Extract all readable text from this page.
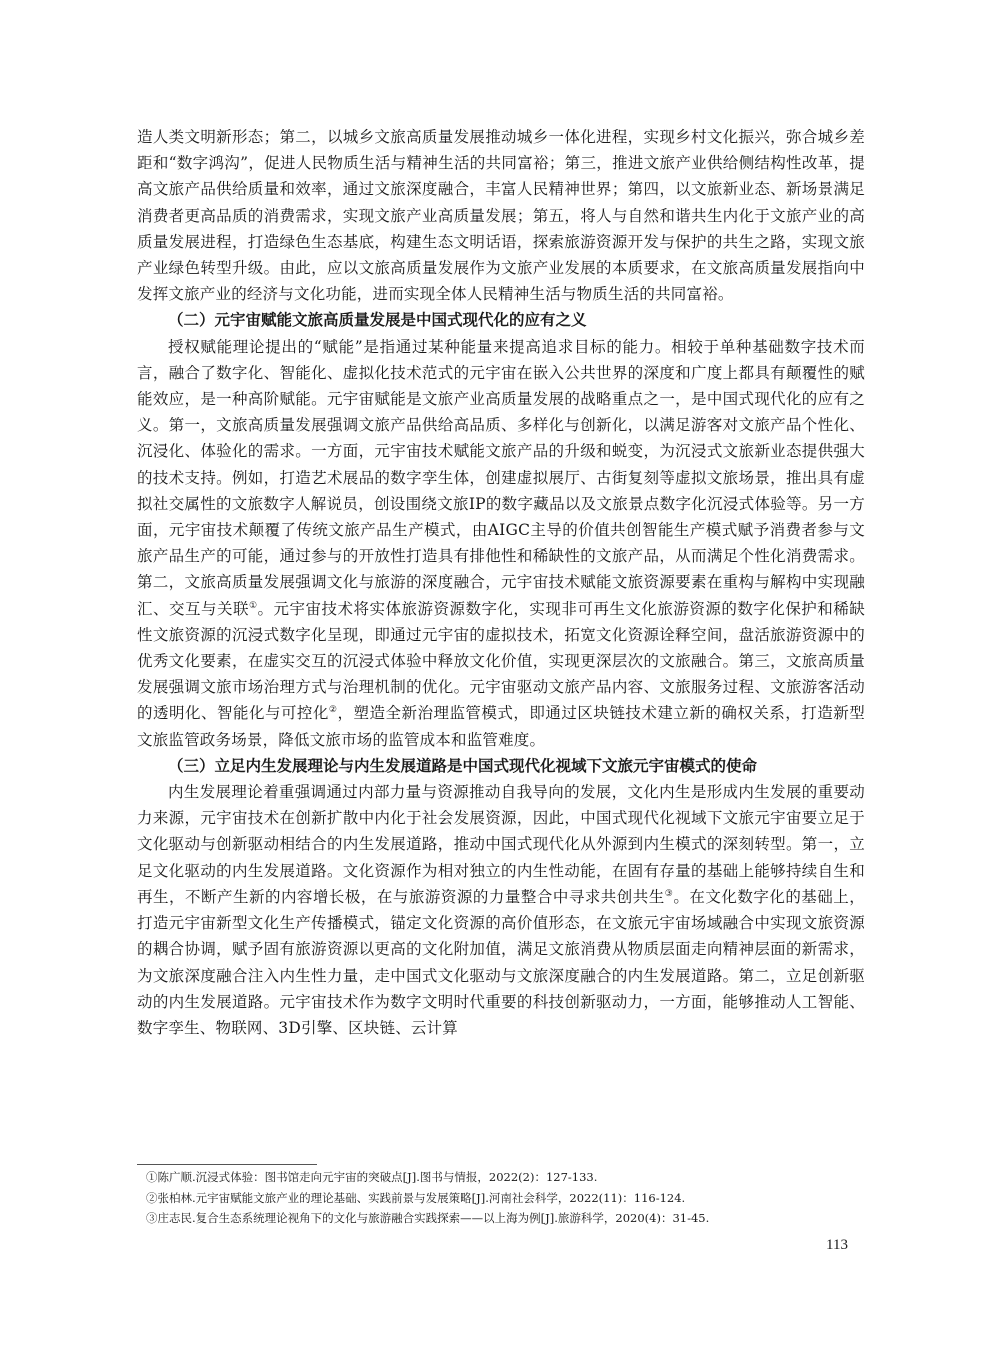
造人类文明新形态；第二，以城乡文旅高质量发展推动城乡一体化进程，实现乡村文化振兴，弥合城乡差距和“数字鸿沟”，促进人民物质生活与精神生活的共同富裕；第三，推进文旅产业供给侧结构性改革，提高文旅产品供给质量和效率，通过文旅深度融合，丰富人民精神世界；第四，以文旅新业态、新场景满足消费者更高品质的消费需求，实现文旅产业高质量发展；第五，将人与自然和谐共生内化于文旅产业的高质量发展进程，打造绿色生态基底，构建生态文明话语，探索旅游资源开发与保护的共生之路，实现文旅产业绿色转型升级。由此，应以文旅高质量发展作为文旅产业发展的本质要求，在文旅高质量发展指向中发挥文旅产业的经济与文化功能，进而实现全体人民精神生活与物质生活的共同富裕。

（二）元宇宙赋能文旅高质量发展是中国式现代化的应有之义

授权赋能理论提出的“赋能”是指通过某种能量来提高追求目标的能力。相较于单种基础数字技术而言，融合了数字化、智能化、虚拟化技术范式的元宇宙在嵌入公共世界的深度和广度上都具有颠覆性的赋能效应，是一种高阶赋能。元宇宙赋能是文旅产业高质量发展的战略重点之一，是中国式现代化的应有之义。第一，文旅高质量发展强调文旅产品供给高品质、多样化与创新化，以满足游客对文旅产品个性化、沉浸化、体验化的需求。一方面，元宇宙技术赋能文旅产品的升级和蜕变，为沉浸式文旅新业态提供强大的技术支持。例如，打造艺术展品的数字孪生体，创建虚拟展厅、古街复刻等虚拟文旅场景，推出具有虚拟社交属性的文旅数字人解说员，创设围绕文旅IP的数字藏品以及文旅景点数字化沉浸式体验等。另一方面，元宇宙技术颠覆了传统文旅产品生产模式，由AIGC主导的价值共创智能生产模式赋予消费者参与文旅产品生产的可能，通过参与的开放性打造具有排他性和稀缺性的文旅产品，从而满足个性化消费需求。第二，文旅高质量发展强调文化与旅游的深度融合，元宇宙技术赋能文旅资源要素在重构与解构中实现融汇、交互与关联①。元宇宙技术将实体旅游资源数字化，实现非可再生文化旅游资源的数字化保护和稀缺性文旅资源的沉浸式数字化呈现，即通过元宇宙的虚拟技术，拓宽文化资源诠释空间，盘活旅游资源中的优秀文化要素，在虚实交互的沉浸式体验中释放文化价值，实现更深层次的文旅融合。第三，文旅高质量发展强调文旅市场治理方式与治理机制的优化。元宇宙驱动文旅产品内容、文旅服务过程、文旅游客活动的透明化、智能化与可控化②，塑造全新治理监管模式，即通过区块链技术建立新的确权关系，打造新型文旅监管政务场景，降低文旅市场的监管成本和监管难度。

（三）立足内生发展理论与内生发展道路是中国式现代化视域下文旅元宇宙模式的使命

内生发展理论着重强调通过内部力量与资源推动自我导向的发展，文化内生是形成内生发展的重要动力来源，元宇宙技术在创新扩散中内化于社会发展资源，因此，中国式现代化视域下文旅元宇宙要立足于文化驱动与创新驱动相结合的内生发展道路，推动中国式现代化从外源到内生模式的深刻转型。第一，立足文化驱动的内生发展道路。文化资源作为相对独立的内生性动能，在固有存量的基础上能够持续自生和再生，不断产生新的内容增长极，在与旅游资源的力量整合中寻求共创共生③。在文化数字化的基础上，打造元宇宙新型文化生产传播模式，锚定文化资源的高价值形态，在文旅元宇宙场域融合中实现文旅资源的耦合协调，赋予固有旅游资源以更高的文化附加值，满足文旅消费从物质层面走向精神层面的新需求，为文旅深度融合注入内生性力量，走中国式文化驱动与文旅深度融合的内生发展道路。第二，立足创新驱动的内生发展道路。元宇宙技术作为数字文明时代重要的科技创新驱动力，一方面，能够推动人工智能、数字孪生、物联网、3D引擎、区块链、云计算

①陈广顺.沉浸式体验：图书馆走向元宇宙的突破点[J].图书与情报，2022(2)：127-133.

②张柏林.元宇宙赋能文旅产业的理论基础、实践前景与发展策略[J].河南社会科学，2022(11)：116-124.

③庄志民.复合生态系统理论视角下的文化与旅游融合实践探索——以上海为例[J].旅游科学，2020(4)：31-45.

113
